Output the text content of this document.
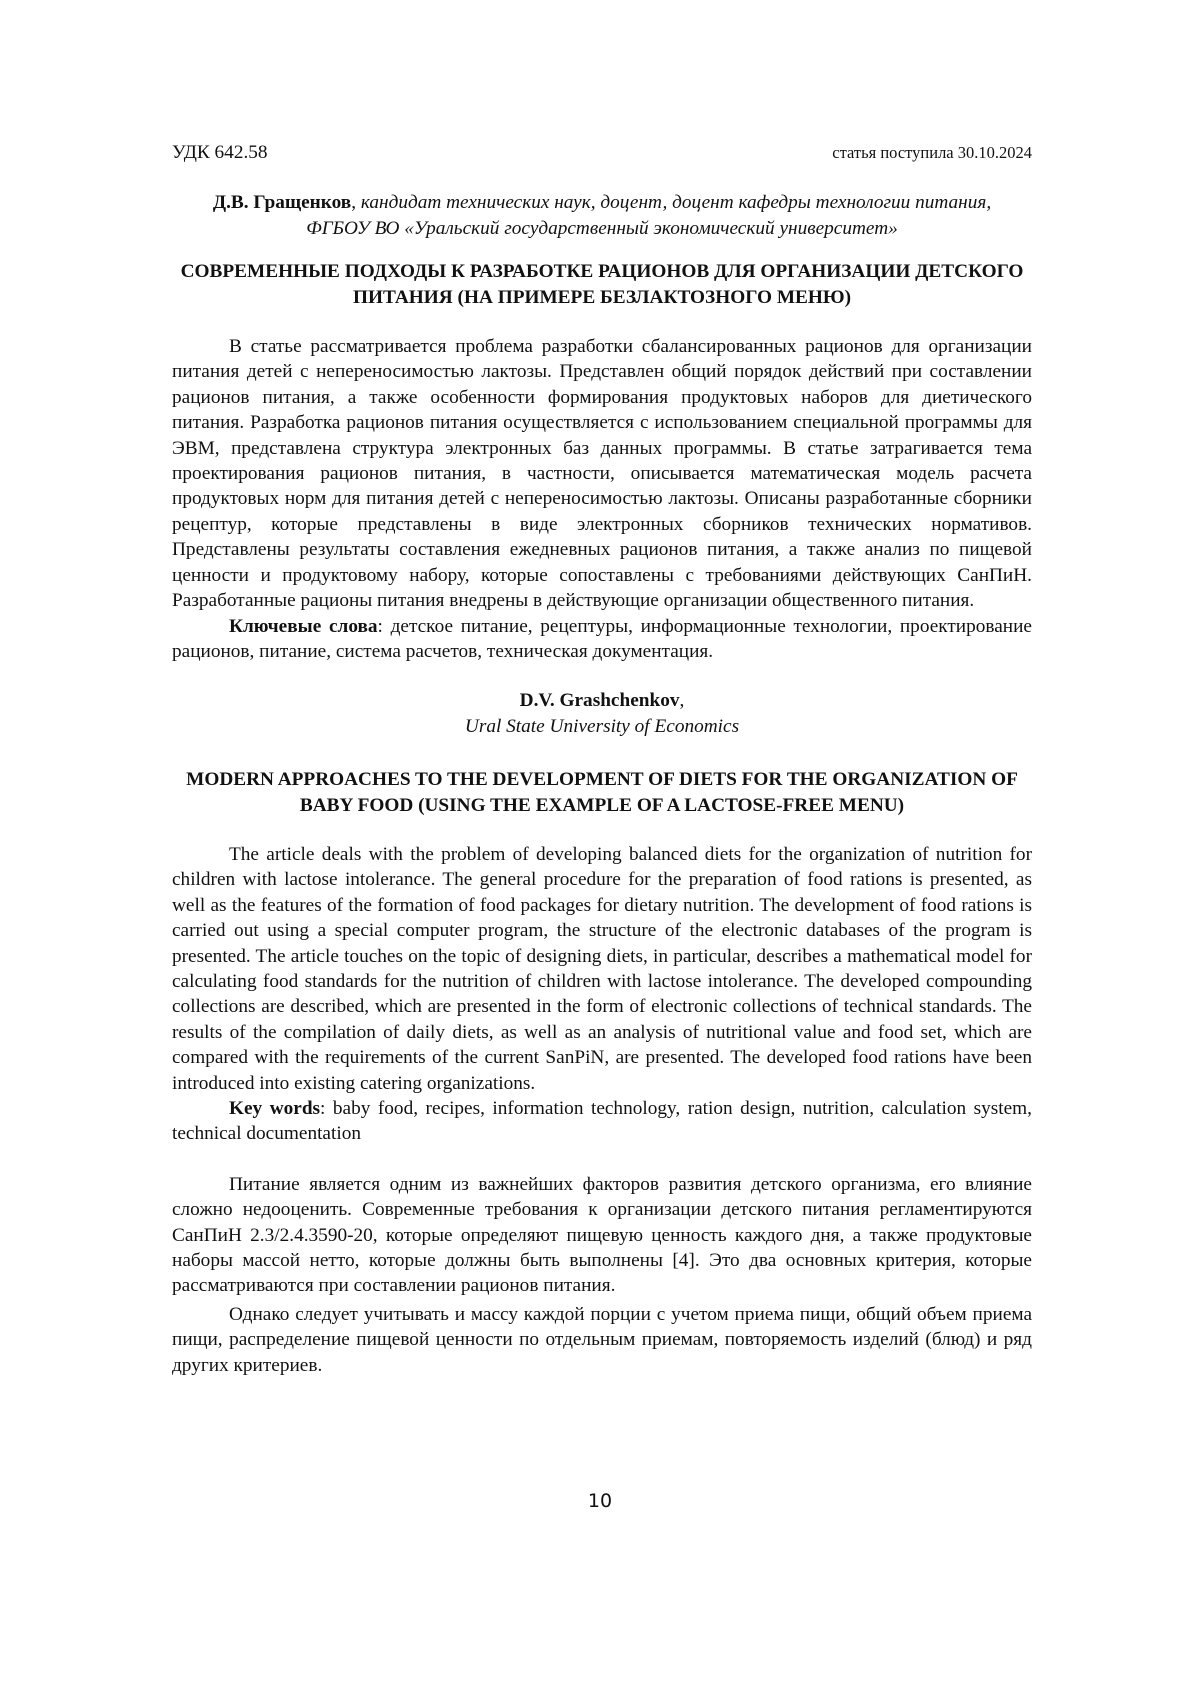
УДК 642.58	статья поступила 30.10.2024
Д.В. Гращенков, кандидат технических наук, доцент, доцент кафедры технологии питания, ФГБОУ ВО «Уральский государственный экономический университет»
СОВРЕМЕННЫЕ ПОДХОДЫ К РАЗРАБОТКЕ РАЦИОНОВ ДЛЯ ОРГАНИЗАЦИИ ДЕТСКОГО ПИТАНИЯ (НА ПРИМЕРЕ БЕЗЛАКТОЗНОГО МЕНЮ)

В статье рассматривается проблема разработки сбалансированных рационов для организации питания детей с непереносимостью лактозы. Представлен общий порядок действий при составлении рационов питания, а также особенности формирования продуктовых наборов для диетического питания. Разработка рационов питания осуществляется с использованием специальной программы для ЭВМ, представлена структура электронных баз данных программы. В статье затрагивается тема проектирования рационов питания, в частности, описывается математическая модель расчета продуктовых норм для питания детей с непереносимостью лактозы. Описаны разработанные сборники рецептур, которые представлены в виде электронных сборников технических нормативов. Представлены результаты составления ежедневных рационов питания, а также анализ по пищевой ценности и продуктовому набору, которые сопоставлены с требованиями действующих СанПиН. Разработанные рационы питания внедрены в действующие организации общественного питания.

Ключевые слова: детское питание, рецептуры, информационные технологии, проектирование рационов, питание, система расчетов, техническая документация.

D.V. Grashchenkov,
Ural State University of Economics
MODERN APPROACHES TO THE DEVELOPMENT OF DIETS FOR THE ORGANIZATION OF BABY FOOD (USING THE EXAMPLE OF A LACTOSE-FREE MENU)

The article deals with the problem of developing balanced diets for the organization of nutrition for children with lactose intolerance. The general procedure for the preparation of food rations is presented, as well as the features of the formation of food packages for dietary nutrition. The development of food rations is carried out using a special computer program, the structure of the electronic databases of the program is presented. The article touches on the topic of designing diets, in particular, describes a mathematical model for calculating food standards for the nutrition of children with lactose intolerance. The developed compounding collections are described, which are presented in the form of electronic collections of technical standards. The results of the compilation of daily diets, as well as an analysis of nutritional value and food set, which are compared with the requirements of the current SanPiN, are presented. The developed food rations have been introduced into existing catering organizations.

Key words: baby food, recipes, information technology, ration design, nutrition, calculation system, technical documentation

Питание является одним из важнейших факторов развития детского организма, его влияние сложно недооценить. Современные требования к организации детского питания регламентируются СанПиН 2.3/2.4.3590-20, которые определяют пищевую ценность каждого дня, а также продуктовые наборы массой нетто, которые должны быть выполнены [4]. Это два основных критерия, которые рассматриваются при составлении рационов питания.

Однако следует учитывать и массу каждой порции с учетом приема пищи, общий объем приема пищи, распределение пищевой ценности по отдельным приемам, повторяемость изделий (блюд) и ряд других критериев.

10
